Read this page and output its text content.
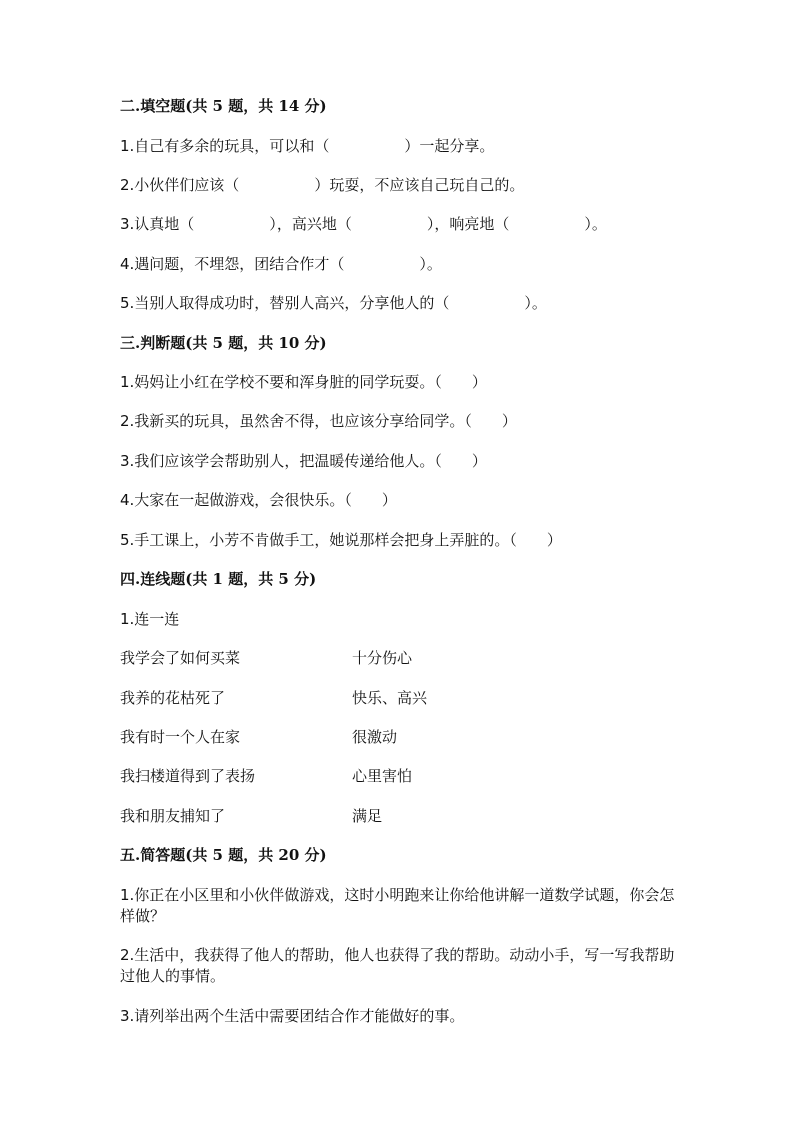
二.填空题(共 5 题，共 14 分)
1.自己有多余的玩具，可以和（　　　　　）一起分享。
2.小伙伴们应该（　　　　　）玩耍，不应该自己玩自己的。
3.认真地（　　　　　），高兴地（　　　　　），响亮地（　　　　　）。
4.遇问题，不埋怨，团结合作才（　　　　　）。
5.当别人取得成功时，替别人高兴，分享他人的（　　　　　）。
三.判断题(共 5 题，共 10 分)
1.妈妈让小红在学校不要和浑身脏的同学玩耍。（　　）
2.我新买的玩具，虽然舍不得，也应该分享给同学。（　　）
3.我们应该学会帮助别人，把温暖传递给他人。（　　）
4.大家在一起做游戏，会很快乐。（　　）
5.手工课上，小芳不肯做手工，她说那样会把身上弄脏的。（　　）
四.连线题(共 1 题，共 5 分)
1.连一连
我学会了如何买菜	十分伤心
我养的花枯死了	快乐、高兴
我有时一个人在家	很激动
我扫楼道得到了表扬	心里害怕
我和朋友捕知了	满足
五.简答题(共 5 题，共 20 分)
1.你正在小区里和小伙伴做游戏，这时小明跑来让你给他讲解一道数学试题，你会怎样做？
2.生活中，我获得了他人的帮助，他人也获得了我的帮助。动动小手，写一写我帮助过他人的事情。
3.请列举出两个生活中需要团结合作才能做好的事。
